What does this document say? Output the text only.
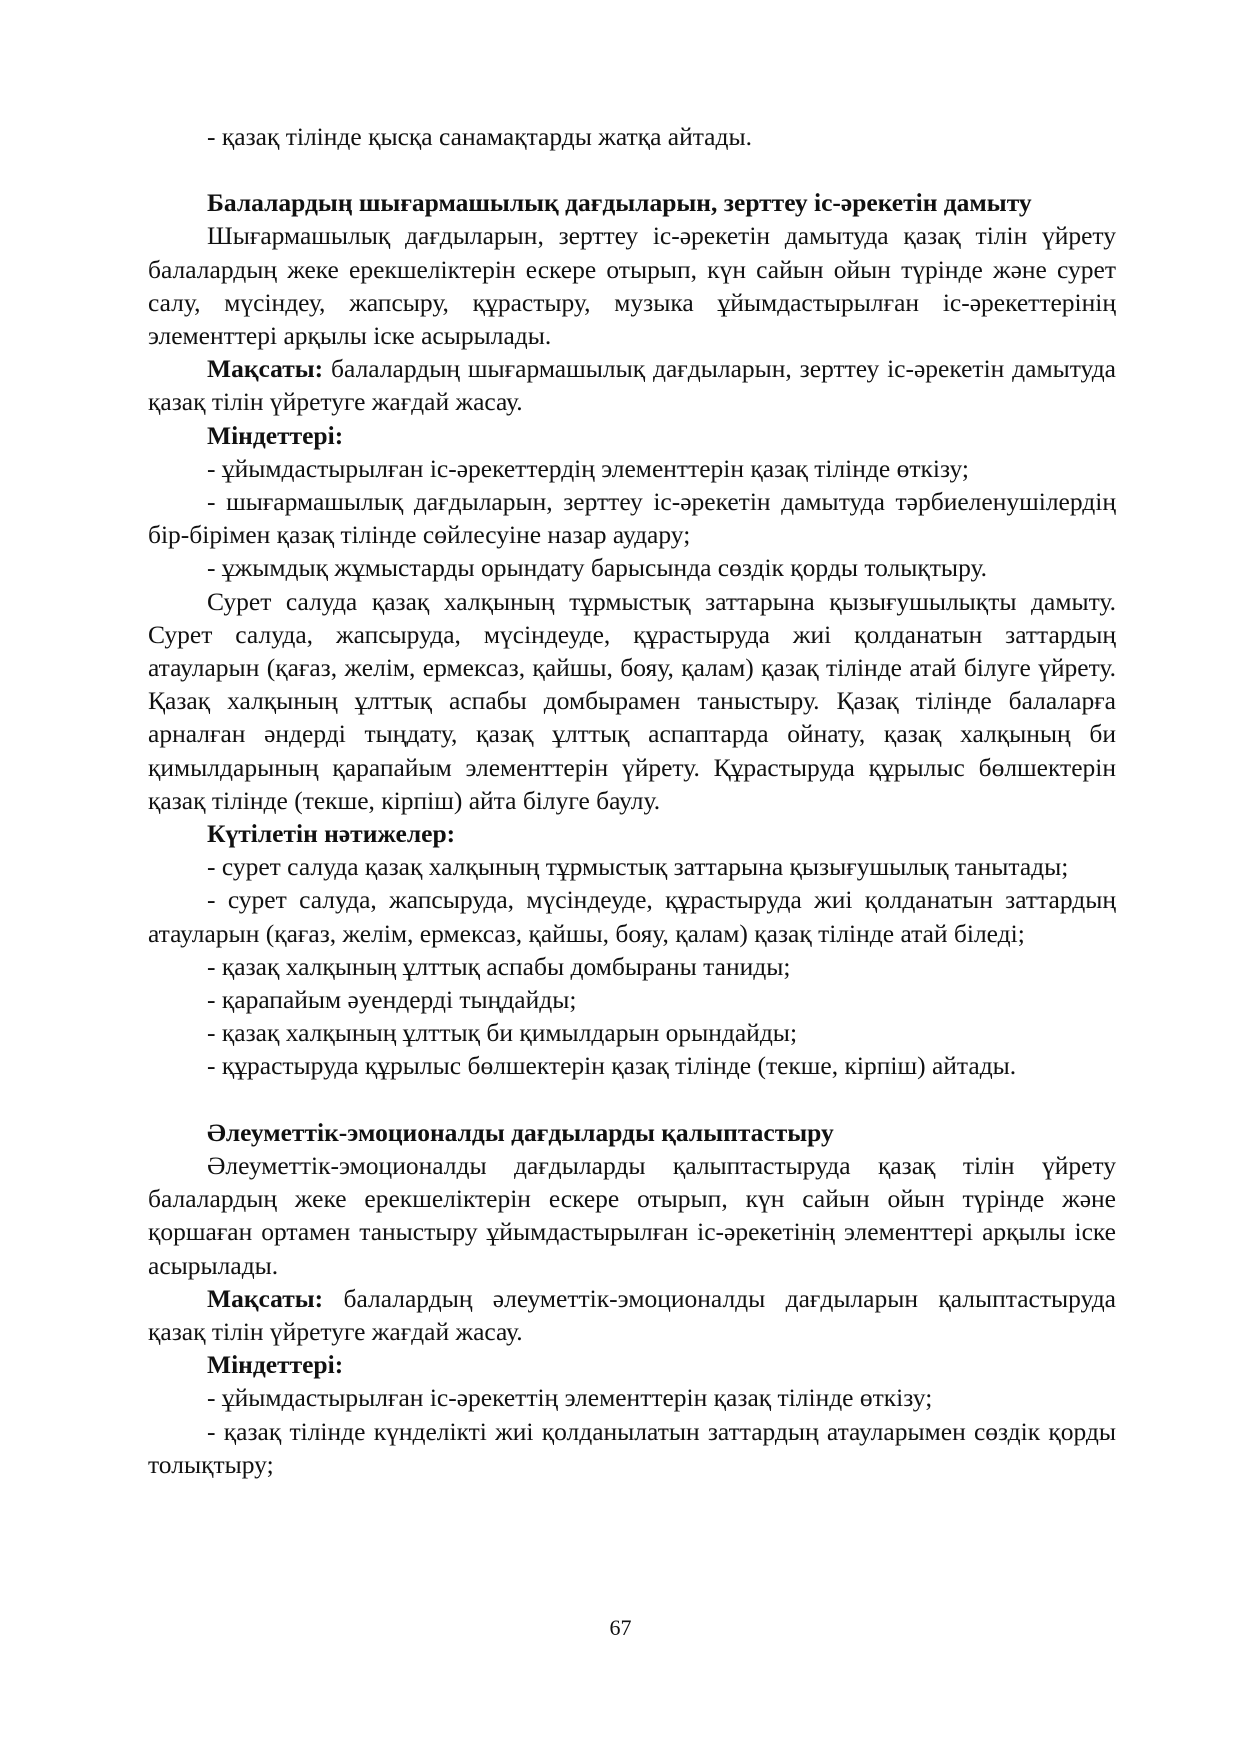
- қазақ тілінде қысқа санамақтарды жатқа айтады.

Балалардың шығармашылық дағдыларын, зерттеу іс-әрекетін дамыту

Шығармашылық дағдыларын, зерттеу іс-әрекетін дамытуда қазақ тілін үйрету балалардың жеке ерекшеліктерін ескере отырып, күн сайын ойын түрінде және сурет салу, мүсіндеу, жапсыру, құрастыру, музыка ұйымдастырылған іс-әрекеттерінің элементтері арқылы іске асырылады.

Мақсаты: балалардың шығармашылық дағдыларын, зерттеу іс-әрекетін дамытуда қазақ тілін үйретуге жағдай жасау.

Міндеттері:

- ұйымдастырылған іс-әрекеттердің элементтерін қазақ тілінде өткізу;

- шығармашылық дағдыларын, зерттеу іс-әрекетін дамытуда тәрбиеленушілердің бір-бірімен қазақ тілінде сөйлесуіне назар аудару;

- ұжымдық жұмыстарды орындату барысында сөздік қорды толықтыру.

Сурет салуда қазақ халқының тұрмыстық заттарына қызығушылықты дамыту. Сурет салуда, жапсыруда, мүсіндеуде, құрастыруда жиі қолданатын заттардың атауларын (қағаз, желім, ермексаз, қайшы, бояу, қалам) қазақ тілінде атай білуге үйрету. Қазақ халқының ұлттық аспабы домбырамен таныстыру. Қазақ тілінде балаларға арналған әндерді тыңдату, қазақ ұлттық аспаптарда ойнату, қазақ халқының би қимылдарының қарапайым элементтерін үйрету. Құрастыруда құрылыс бөлшектерін қазақ тілінде (текше, кірпіш) айта білуге баулу.

Күтілетін нәтижелер:

- сурет салуда қазақ халқының тұрмыстық заттарына қызығушылық танытады;

- сурет салуда, жапсыруда, мүсіндеуде, құрастыруда жиі қолданатын заттардың атауларын (қағаз, желім, ермексаз, қайшы, бояу, қалам) қазақ тілінде атай біледі;

- қазақ халқының ұлттық аспабы домбыраны таниды;

- қарапайым әуендерді тыңдайды;

- қазақ халқының ұлттық би қимылдарын орындайды;

- құрастыруда құрылыс бөлшектерін қазақ тілінде (текше, кірпіш) айтады.

Әлеуметтік-эмоционалды дағдыларды қалыптастыру

Әлеуметтік-эмоционалды дағдыларды қалыптастыруда қазақ тілін үйрету балалардың жеке ерекшеліктерін ескере отырып, күн сайын ойын түрінде және қоршаған ортамен таныстыру ұйымдастырылған іс-әрекетінің элементтері арқылы іске асырылады.

Мақсаты: балалардың әлеуметтік-эмоционалды дағдыларын қалыптастыруда қазақ тілін үйретуге жағдай жасау.

Міндеттері:

- ұйымдастырылған іс-әрекеттің элементтерін қазақ тілінде өткізу;

- қазақ тілінде күнделікті жиі қолданылатын заттардың атауларымен сөздік қорды толықтыру;

67
